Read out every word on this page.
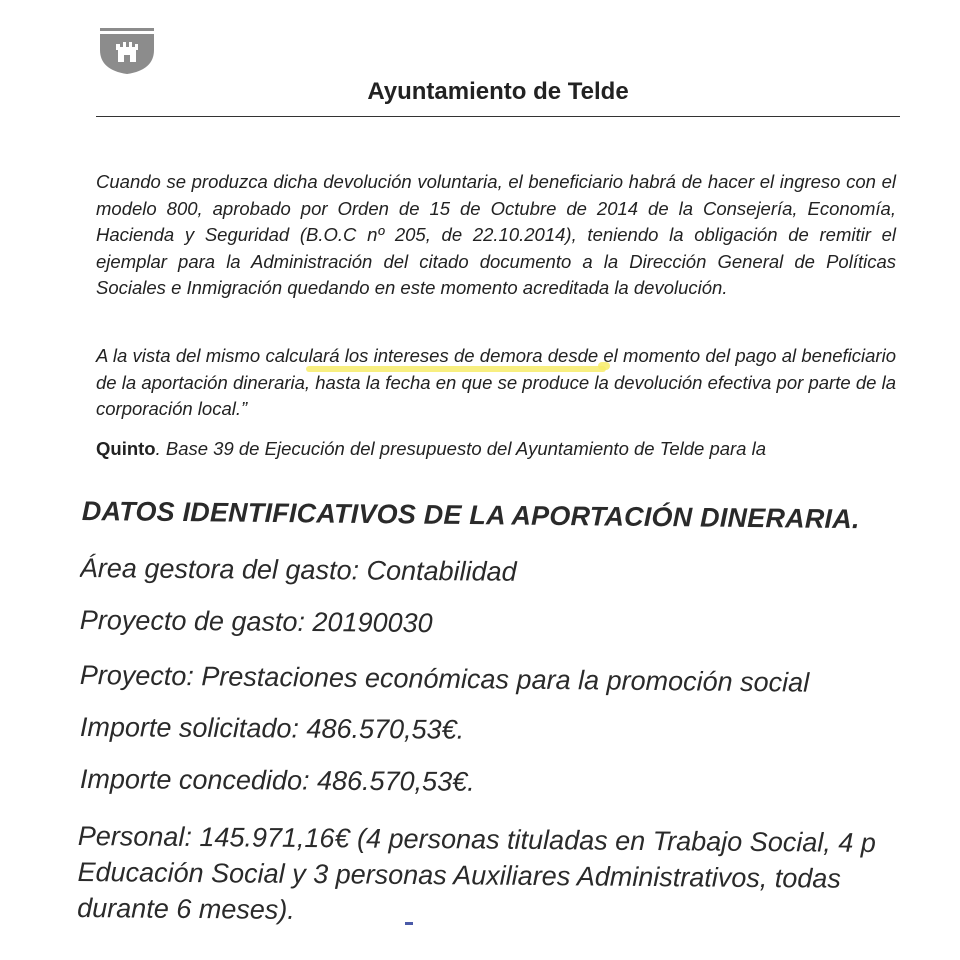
Ayuntamiento de Telde
Cuando se produzca dicha devolución voluntaria, el beneficiario habrá de hacer el ingreso con el modelo 800, aprobado por Orden de 15 de Octubre de 2014 de la Consejería, Economía, Hacienda y Seguridad (B.O.C nº 205, de 22.10.2014), teniendo la obligación de remitir el ejemplar para la Administración del citado documento a la Dirección General de Políticas Sociales e Inmigración quedando en este momento acreditada la devolución.
A la vista del mismo calculará los intereses de demora desde el momento del pago al beneficiario de la aportación dineraria, hasta la fecha en que se produce la devolución efectiva por parte de la corporación local.”
Quinto. Base 39 de Ejecución del presupuesto del Ayuntamiento de Telde para la
DATOS IDENTIFICATIVOS DE LA APORTACIÓN DINERARIA.
Área gestora del gasto: Contabilidad
Proyecto de gasto: 20190030
Proyecto: Prestaciones económicas para la promoción social
Importe solicitado: 486.570,53€.
Importe concedido: 486.570,53€.
Personal: 145.971,16€ (4 personas tituladas en Trabajo Social, 4 p
Educación Social y 3 personas Auxiliares Administrativos, todas
durante 6 meses).
